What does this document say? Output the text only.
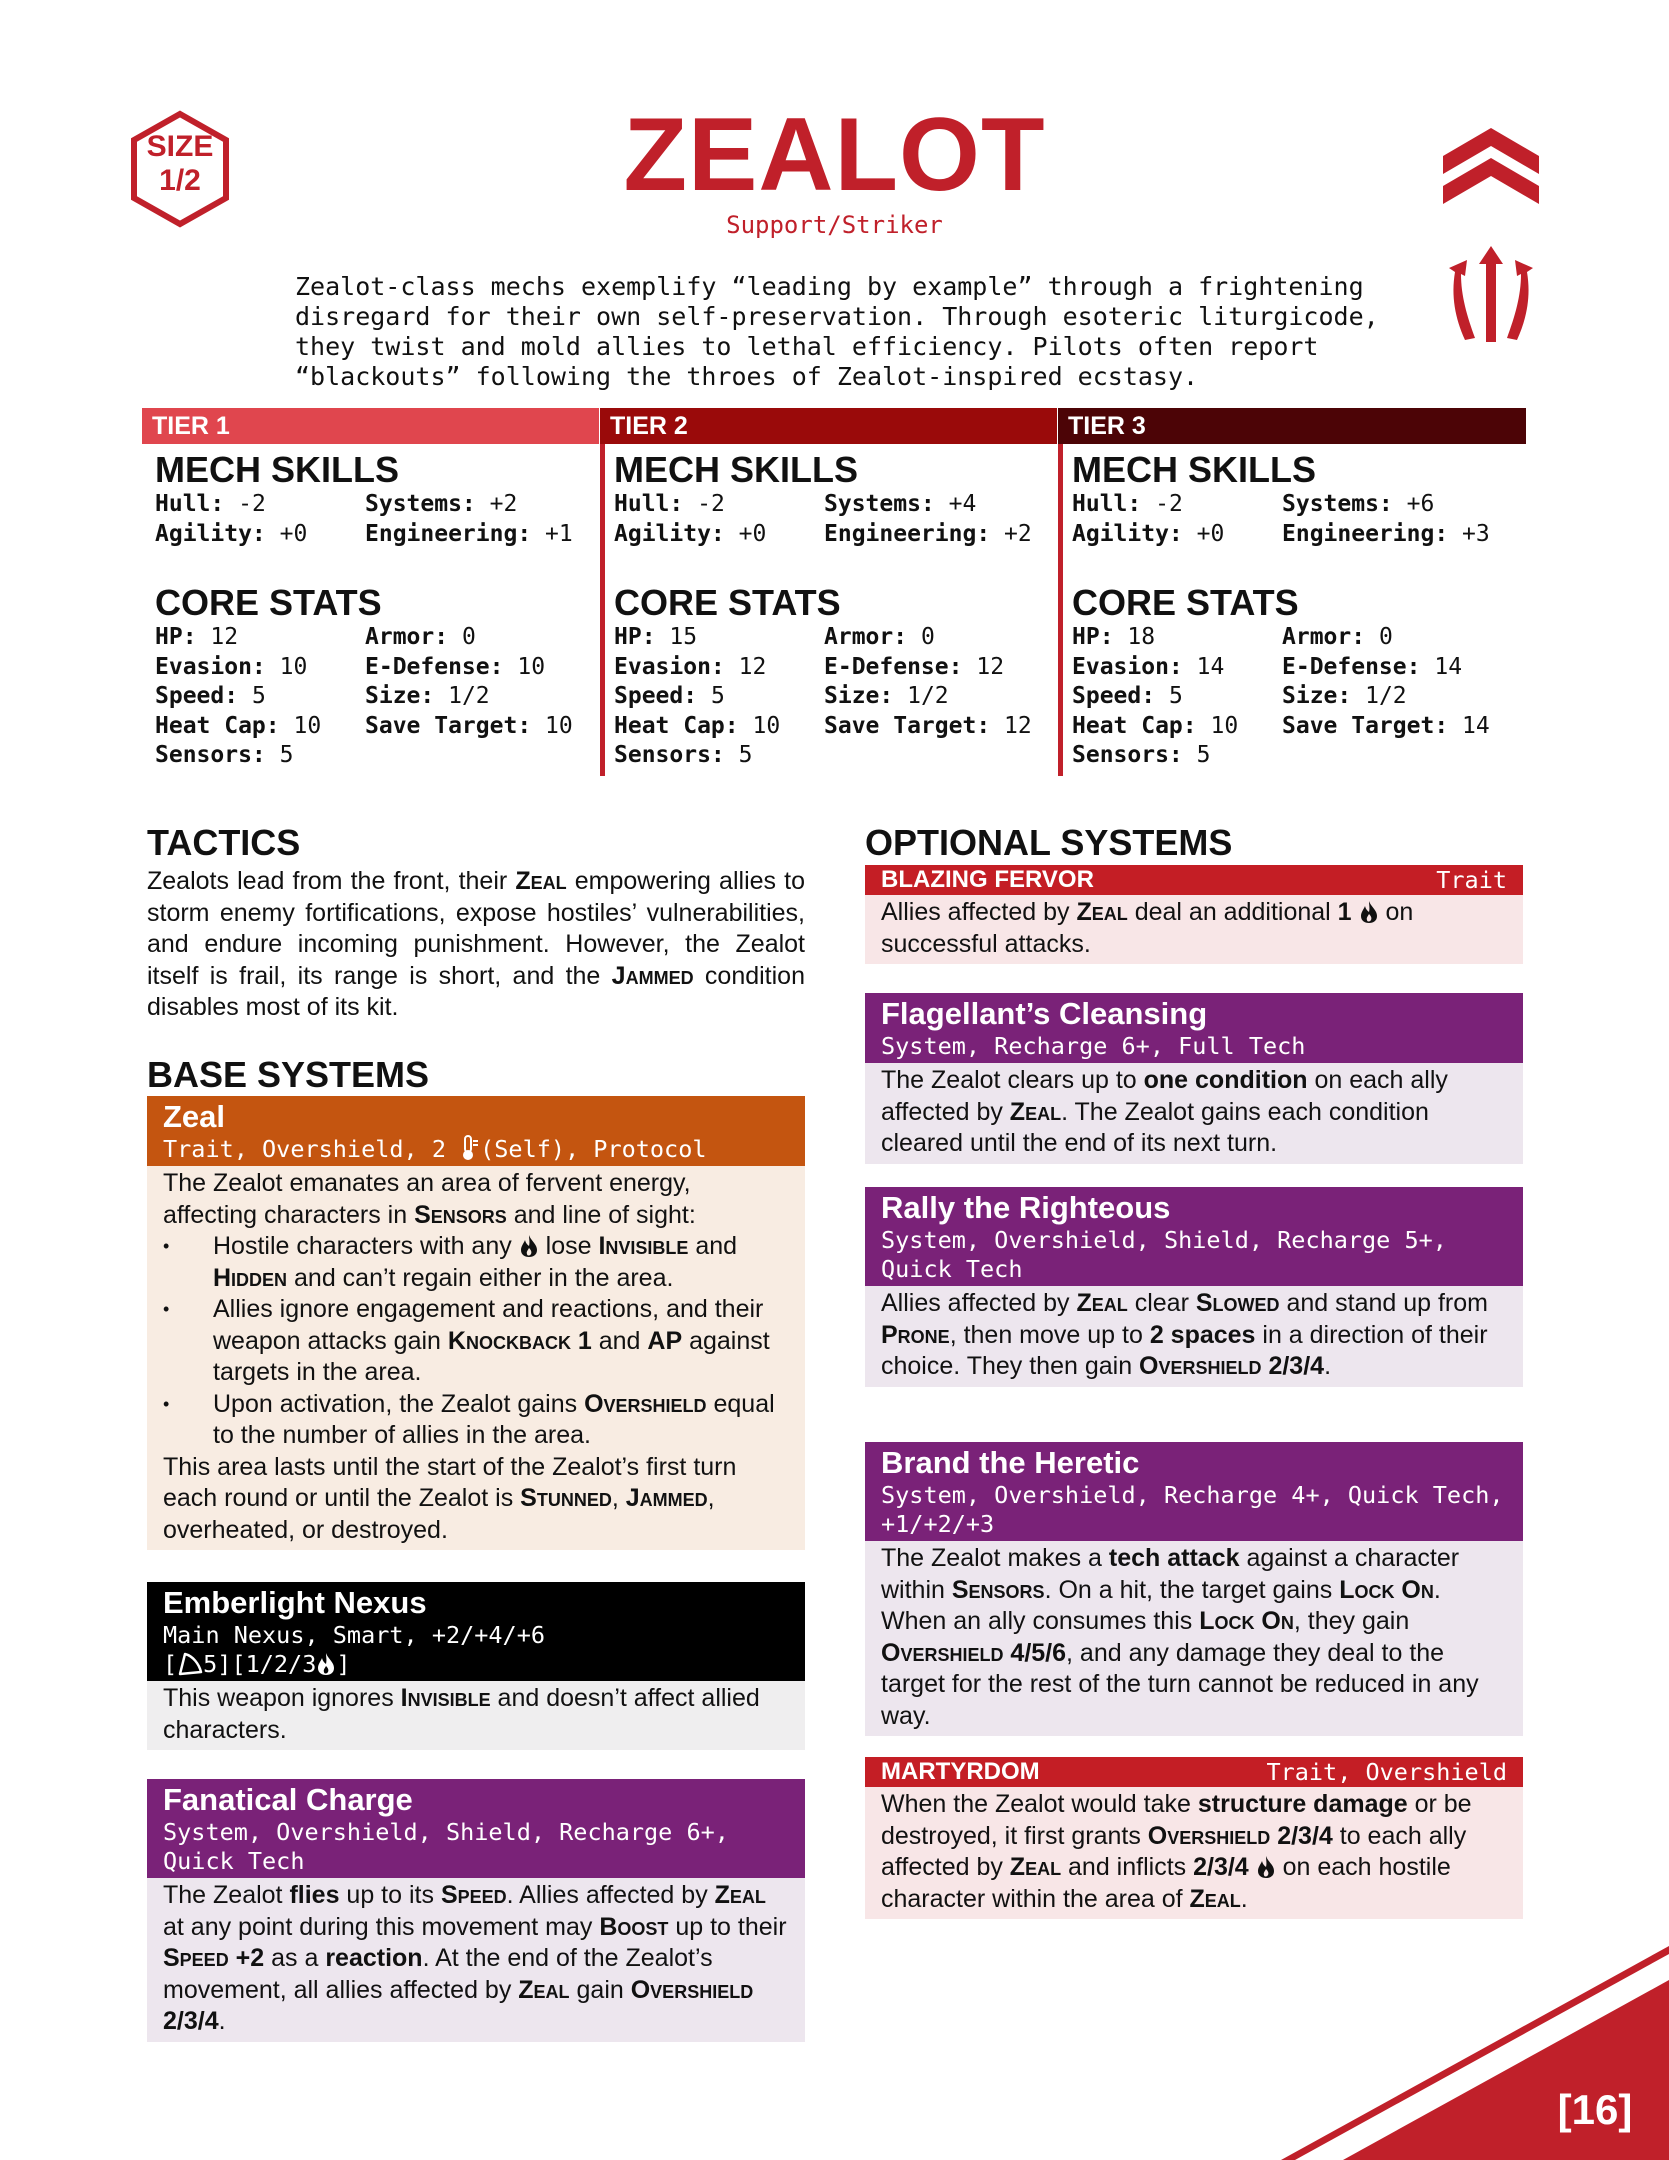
SIZE
1/2	ZEALOT
Support/Striker
Zealot-class mechs exemplify “leading by example” through a frightening
disregard for their own self-preservation. Through esoteric liturgicode,
they twist and mold allies to lethal efficiency. Pilots often report
“blackouts” following the throes of Zealot-inspired ecstasy.
TIER 1	TIER 2	TIER 3
MECH SKILLS
Hull: -2	Systems: +2
Agility: +0	Engineering: +1
CORE STATS
HP: 12	Armor: 0
Evasion: 10	E-Defense: 10
Speed: 5	Size: 1/2
Heat Cap: 10	Save Target: 10
Sensors: 5
MECH SKILLS
Hull: -2	Systems: +4
Agility: +0	Engineering: +2
CORE STATS
HP: 15	Armor: 0
Evasion: 12	E-Defense: 12
Speed: 5	Size: 1/2
Heat Cap: 10	Save Target: 12
Sensors: 5
MECH SKILLS
Hull: -2	Systems: +6
Agility: +0	Engineering: +3
CORE STATS
HP: 18	Armor: 0
Evasion: 14	E-Defense: 14
Speed: 5	Size: 1/2
Heat Cap: 10	Save Target: 14
Sensors: 5
TACTICS
Zealots lead from the front, their Zeal empowering allies to storm enemy fortifications, expose hostiles’ vulnerabilities, and endure incoming punishment. However, the Zealot itself is frail, its range is short, and the Jammed condition disables most of its kit.
BASE SYSTEMS
Zeal
Trait, Overshield, 2 (Self), Protocol
The Zealot emanates an area of fervent energy, affecting characters in Sensors and line of sight:
• Hostile characters with any  lose Invisible and Hidden and can’t regain either in the area.
• Allies ignore engagement and reactions, and their weapon attacks gain Knockback 1 and AP against targets in the area.
• Upon activation, the Zealot gains Overshield equal to the number of allies in the area.
This area lasts until the start of the Zealot’s first turn each round or until the Zealot is Stunned, Jammed, overheated, or destroyed.
Emberlight Nexus
Main Nexus, Smart, +2/+4/+6
[ 5][1/2/3 ]
This weapon ignores Invisible and doesn’t affect allied characters.
Fanatical Charge
System, Overshield, Shield, Recharge 6+, Quick Tech
The Zealot flies up to its Speed. Allies affected by Zeal at any point during this movement may Boost up to their Speed +2 as a reaction. At the end of the Zealot’s movement, all allies affected by Zeal gain Overshield 2/3/4.
OPTIONAL SYSTEMS
BLAZING FERVOR	Trait
Allies affected by Zeal deal an additional 1  on successful attacks.
Flagellant’s Cleansing
System, Recharge 6+, Full Tech
The Zealot clears up to one condition on each ally affected by Zeal. The Zealot gains each condition cleared until the end of its next turn.
Rally the Righteous
System, Overshield, Shield, Recharge 5+, Quick Tech
Allies affected by Zeal clear Slowed and stand up from Prone, then move up to 2 spaces in a direction of their choice. They then gain Overshield 2/3/4.
Brand the Heretic
System, Overshield, Recharge 4+, Quick Tech, +1/+2/+3
The Zealot makes a tech attack against a character within Sensors. On a hit, the target gains Lock On. When an ally consumes this Lock On, they gain Overshield 4/5/6, and any damage they deal to the target for the rest of the turn cannot be reduced in any way.
MARTYRDOM	Trait, Overshield
When the Zealot would take structure damage or be destroyed, it first grants Overshield 2/3/4 to each ally affected by Zeal and inflicts 2/3/4  on each hostile character within the area of Zeal.
[16]
